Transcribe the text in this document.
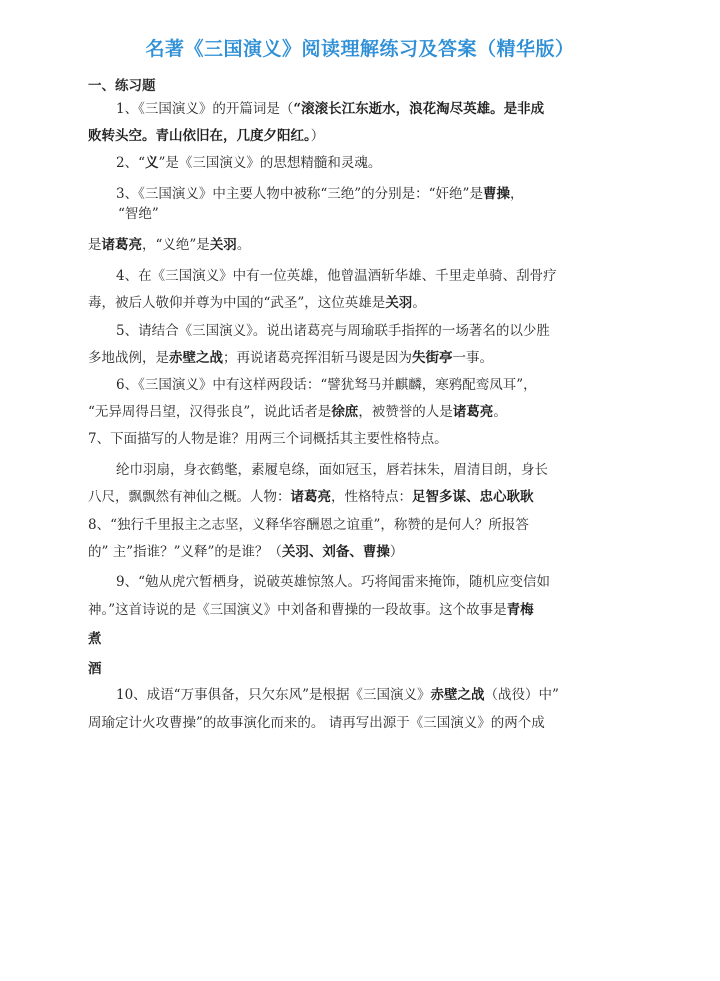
名著《三国演义》阅读理解练习及答案（精华版）
一、练习题
1、《三国演义》的开篇词是（“滚滚长江东逝水，浪花淘尽英雄。是非成
败转头空。青山依旧在，几度夕阳红。）
2、“义”是《三国演义》的思想精髓和灵魂。
3、《三国演义》中主要人物中被称“三绝”的分别是：“奸绝”是曹操，
“智绝”
是诸葛亮，“义绝”是关羽。
4、在《三国演义》中有一位英雄，他曾温酒斩华雄、千里走单骑、刮骨疗
毒，被后人敬仰并尊为中国的“武圣”，这位英雄是关羽。
5、请结合《三国演义》。说出诸葛亮与周瑜联手指挥的一场著名的以少胜
多地战例，是赤壁之战；再说诸葛亮挥泪斩马谡是因为失街亭一事。
6、《三国演义》中有这样两段话：“譬犹驽马并麒麟，寒鸦配鸾凤耳”，
“无异周得吕望，汉得张良”，说此话者是徐庶，被赞誉的人是诸葛亮。
7、下面描写的人物是谁？用两三个词概括其主要性格特点。
纶巾羽扇，身衣鹤氅，素履皂绦，面如冠玉，唇若抹朱，眉清目朗，身长
八尺，飘飘然有神仙之概。人物：诸葛亮，性格特点：足智多谋、忠心耿耿
8、“独行千里报主之志坚，义释华容酬恩之谊重”，称赞的是何人？所报答
的” 主”指谁？”义释”的是谁？（关羽、刘备、曹操）
9、“勉从虎穴暂栖身，说破英雄惊煞人。巧将闻雷来掩饰，随机应变信如
神。”这首诗说的是《三国演义》中刘备和曹操的一段故事。这个故事是青梅
煮
酒
10、成语“万事俱备，只欠东风”是根据《三国演义》赤壁之战（战役）中”
周瑜定计火攻曹操”的故事演化而来的。 请再写出源于《三国演义》的两个成
